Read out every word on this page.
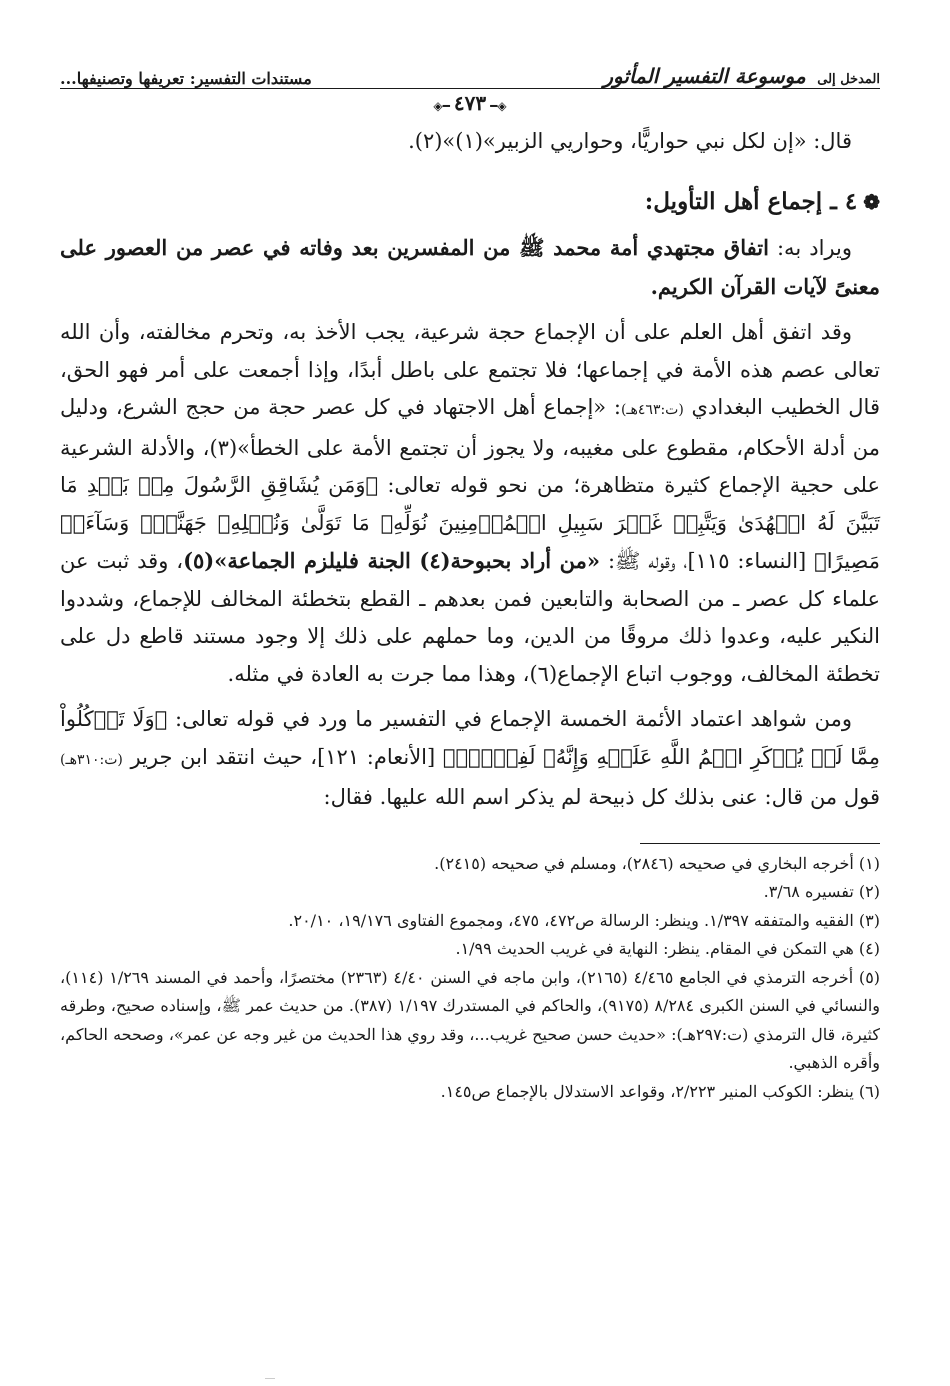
المدخل إلى موسوعة التفسير المأثور
مستندات التفسير: تعريفها وتصنيفها...
◈━٤٧٣━◈

قال: «إن لكل نبي حواريًّا، وحواريي الزبير»(١)»(٢).

❁٤ ـ إجماع أهل التأويل:

ويراد به: اتفاق مجتهدي أمة محمد ﷺ من المفسرين بعد وفاته في عصر من العصور على معنىً لآيات القرآن الكريم.

وقد اتفق أهل العلم على أن الإجماع حجة شرعية، يجب الأخذ به، وتحرم مخالفته، وأن الله تعالى عصم هذه الأمة في إجماعها؛ فلا تجتمع على باطل أبدًا، وإذا أجمعت على أمر فهو الحق، قال الخطيب البغدادي (ت:٤٦٣هـ): «إجماع أهل الاجتهاد في كل عصر حجة من حجج الشرع، ودليل من أدلة الأحكام، مقطوع على مغيبه، ولا يجوز أن تجتمع الأمة على الخطأ»(٣)، والأدلة الشرعية على حجية الإجماع كثيرة متظاهرة؛ من نحو قوله تعالى: ﴿وَمَن يُشَاقِقِ الرَّسُولَ مِنۢ بَعۡدِ مَا تَبَيَّنَ لَهُ الۡهُدَىٰ وَيَتَّبِعۡ غَيۡرَ سَبِيلِ الۡمُؤۡمِنِينَ نُوَلِّهِۦ مَا تَوَلَّىٰ وَنُصۡلِهِۦ جَهَنَّمَۖ وَسَآءَتۡ مَصِيرًا﴾ [النساء: ١١٥]، وقوله ﷺ: «من أراد بحبوحة(٤) الجنة فليلزم الجماعة»(٥)، وقد ثبت عن علماء كل عصر ـ من الصحابة والتابعين فمن بعدهم ـ القطع بتخطئة المخالف للإجماع، وشددوا النكير عليه، وعدوا ذلك مروقًا من الدين، وما حملهم على ذلك إلا وجود مستند قاطع دل على تخطئة المخالف، ووجوب اتباع الإجماع(٦)، وهذا مما جرت به العادة في مثله.

ومن شواهد اعتماد الأئمة الخمسة الإجماع في التفسير ما ورد في قوله تعالى: ﴿وَلَا تَأۡكُلُواْ مِمَّا لَمۡ يُذۡكَرِ اسۡمُ اللَّهِ عَلَيۡهِ وَإِنَّهُۥ لَفِسۡقٌۗ﴾ [الأنعام: ١٢١]، حيث انتقد ابن جرير (ت:٣١٠هـ) قول من قال: عنى بذلك كل ذبيحة لم يذكر اسم الله عليها. فقال:

(١) أخرجه البخاري في صحيحه (٢٨٤٦)، ومسلم في صحيحه (٢٤١٥).

(٢) تفسيره ٣/٦٨.

(٣) الفقيه والمتفقه ١/٣٩٧. وينظر: الرسالة ص٤٧٢، ٤٧٥، ومجموع الفتاوى ١٩/١٧٦، ٢٠/١٠.

(٤) هي التمكن في المقام. ينظر: النهاية في غريب الحديث ١/٩٩.

(٥) أخرجه الترمذي في الجامع ٤/٤٦٥ (٢١٦٥)، وابن ماجه في السنن ٤/٤٠ (٢٣٦٣) مختصرًا، وأحمد في المسند ١/٢٦٩ (١١٤)، والنسائي في السنن الكبرى ٨/٢٨٤ (٩١٧٥)، والحاكم في المستدرك ١/١٩٧ (٣٨٧). من حديث عمر ﷺ، وإسناده صحيح، وطرقه كثيرة، قال الترمذي (ت:٢٩٧هـ): «حديث حسن صحيح غريب...، وقد روي هذا الحديث من غير وجه عن عمر»، وصححه الحاكم، وأقره الذهبي.

(٦) ينظر: الكوكب المنير ٢/٢٢٣، وقواعد الاستدلال بالإجماع ص١٤٥.
